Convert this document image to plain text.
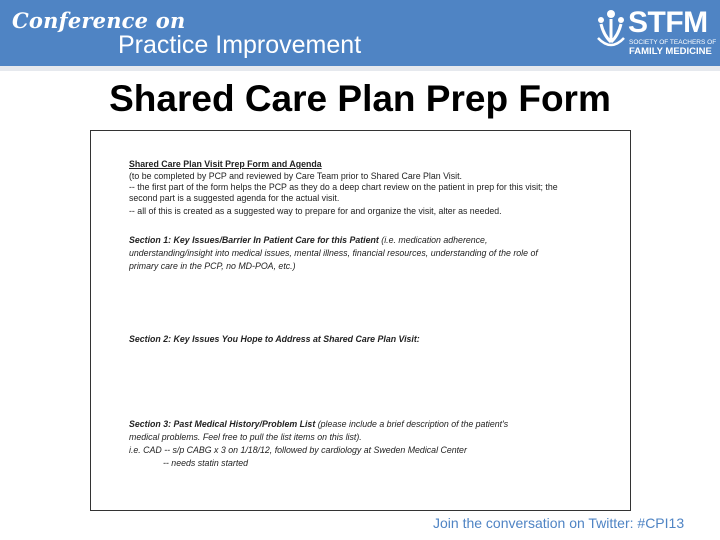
Conference on
Practice Improvement
STFM
SOCIETY OF TEACHERS OF
FAMILY MEDICINE
Shared Care Plan Prep Form
Shared Care Plan Visit Prep Form and Agenda
(to be completed by PCP and reviewed by Care Team prior to Shared Care Plan Visit.
-- the first part of the form helps the PCP as they do a deep chart review on the patient in prep for this visit; the
second part is a suggested agenda for the actual visit.
-- all of this is created as a suggested way to prepare for and organize the visit, alter as needed.
Section 1: Key Issues/Barrier In Patient Care for this Patient (i.e. medication adherence,
understanding/insight into medical issues, mental illness, financial resources, understanding of the role of
primary care in the PCP, no MD-POA, etc.)
Section 2: Key Issues You Hope to Address at Shared Care Plan Visit:
Section 3: Past Medical History/Problem List (please include a brief description of the patient's
medical problems. Feel free to pull the list items on this list).
i.e. CAD -- s/p CABG x 3 on 1/18/12, followed by cardiology at Sweden Medical Center
-- needs statin started
Join the conversation on Twitter: #CPI13
